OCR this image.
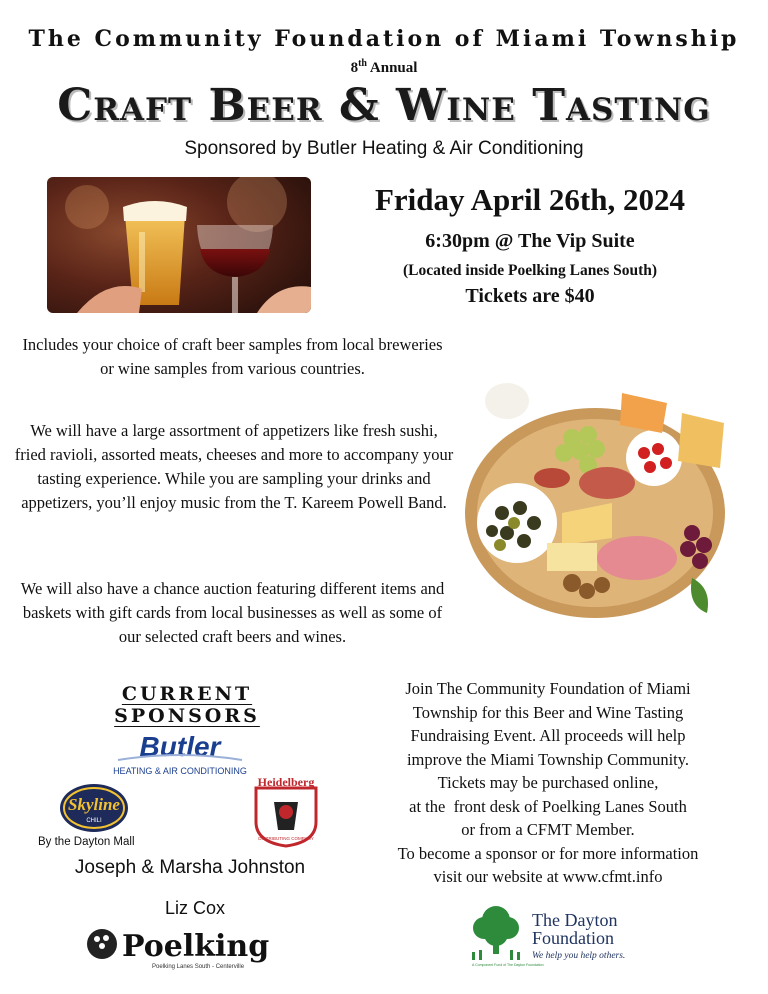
The Community Foundation of Miami Township
8th Annual
Craft Beer & Wine Tasting
Sponsored by Butler Heating & Air Conditioning
Friday April 26th, 2024
6:30pm @ The Vip Suite
(Located inside Poelking Lanes South)
Tickets are $40
Includes your choice of craft beer samples from local breweries or wine samples from various countries.
We will have a large assortment of appetizers like fresh sushi, fried ravioli, assorted meats, cheeses and more to accompany your tasting experience. While you are sampling your drinks and appetizers, you’ll enjoy music from the T. Kareem Powell Band.
We will also have a chance auction featuring different items and baskets with gift cards from local businesses as well as some of our selected craft beers and wines.
CURRENT SPONSORS
Butler
HEATING & AIR CONDITIONING
Skyline
CHILI
By the Dayton Mall
Heidelberg
DISTRIBUTING COMPANY
Joseph & Marsha Johnston
Liz Cox
Poelking
Poelking Lanes South - Centerville
Join The Community Foundation of Miami
Township for this Beer and Wine Tasting
Fundraising Event. All proceeds will help
improve the Miami Township Community.
Tickets may be purchased online,
at the  front desk of Poelking Lanes South
or from a CFMT Member.
To become a sponsor or for more information
visit our website at www.cfmt.info
A Component Fund of The Dayton Foundation
The Dayton
Foundation
We help you help others.
